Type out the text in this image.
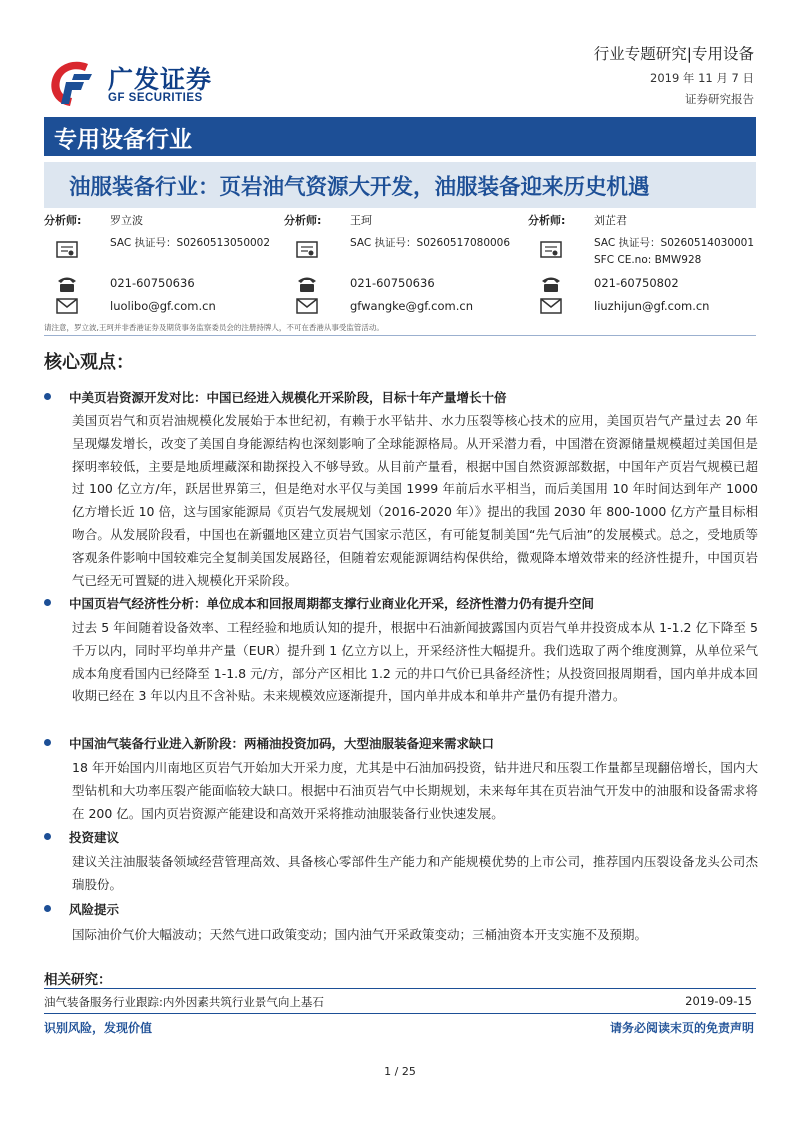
广发证券
GF SECURITIES
行业专题研究|专用设备
2019 年 11 月 7 日
证券研究报告
专用设备行业
油服装备行业：页岩油气资源大开发，油服装备迎来历史机遇
分析师:	罗立波
SAC 执证号：S0260513050002
021-60750636
luolibo@gf.com.cn
分析师:	王珂
SAC 执证号：S0260517080006
021-60750636
gfwangke@gf.com.cn
分析师:	刘芷君
SAC 执证号：S0260514030001
SFC CE.no: BMW928
021-60750802
liuzhijun@gf.com.cn
请注意，罗立波,王珂并非香港证券及期货事务监察委员会的注册持牌人，不可在香港从事受监管活动。
核心观点：
中美页岩资源开发对比：中国已经进入规模化开采阶段，目标十年产量增长十倍
美国页岩气和页岩油规模化发展始于本世纪初，有赖于水平钻井、水力压裂等核心技术的应用，美国页岩气产量过去 20 年呈现爆发增长，改变了美国自身能源结构也深刻影响了全球能源格局。从开采潜力看，中国潜在资源储量规模超过美国但是探明率较低，主要是地质埋藏深和勘探投入不够导致。从目前产量看，根据中国自然资源部数据，中国年产页岩气规模已超过 100 亿立方/年，跃居世界第三，但是绝对水平仅与美国 1999 年前后水平相当，而后美国用 10 年时间达到年产 1000 亿方增长近 10 倍，这与国家能源局《页岩气发展规划（2016-2020 年）》提出的我国 2030 年 800-1000 亿方产量目标相吻合。从发展阶段看，中国也在新疆地区建立页岩气国家示范区，有可能复制美国“先气后油”的发展模式。总之，受地质等客观条件影响中国较难完全复制美国发展路径，但随着宏观能源调结构保供给，微观降本增效带来的经济性提升，中国页岩气已经无可置疑的进入规模化开采阶段。
中国页岩气经济性分析：单位成本和回报周期都支撑行业商业化开采，经济性潜力仍有提升空间
过去 5 年间随着设备效率、工程经验和地质认知的提升，根据中石油新闻披露国内页岩气单井投资成本从 1-1.2 亿下降至 5 千万以内，同时平均单井产量（EUR）提升到 1 亿立方以上，开采经济性大幅提升。我们选取了两个维度测算，从单位采气成本角度看国内已经降至 1-1.8 元/方，部分产区相比 1.2 元的井口气价已具备经济性；从投资回报周期看，国内单井成本回收期已经在 3 年以内且不含补贴。未来规模效应逐渐提升，国内单井成本和单井产量仍有提升潜力。
中国油气装备行业进入新阶段：两桶油投资加码，大型油服装备迎来需求缺口
18 年开始国内川南地区页岩气开始加大开采力度，尤其是中石油加码投资，钻井进尺和压裂工作量都呈现翻倍增长，国内大型钻机和大功率压裂产能面临较大缺口。根据中石油页岩气中长期规划，未来每年其在页岩油气开发中的油服和设备需求将在 200 亿。国内页岩资源产能建设和高效开采将推动油服装备行业快速发展。
投资建议
建议关注油服装备领域经营管理高效、具备核心零部件生产能力和产能规模优势的上市公司，推荐国内压裂设备龙头公司杰瑞股份。
风险提示
国际油价气价大幅波动；天然气进口政策变动；国内油气开采政策变动；三桶油资本开支实施不及预期。
相关研究：
油气装备服务行业跟踪:内外因素共筑行业景气向上基石	2019-09-15
识别风险，发现价值	请务必阅读末页的免责声明
1 / 25
